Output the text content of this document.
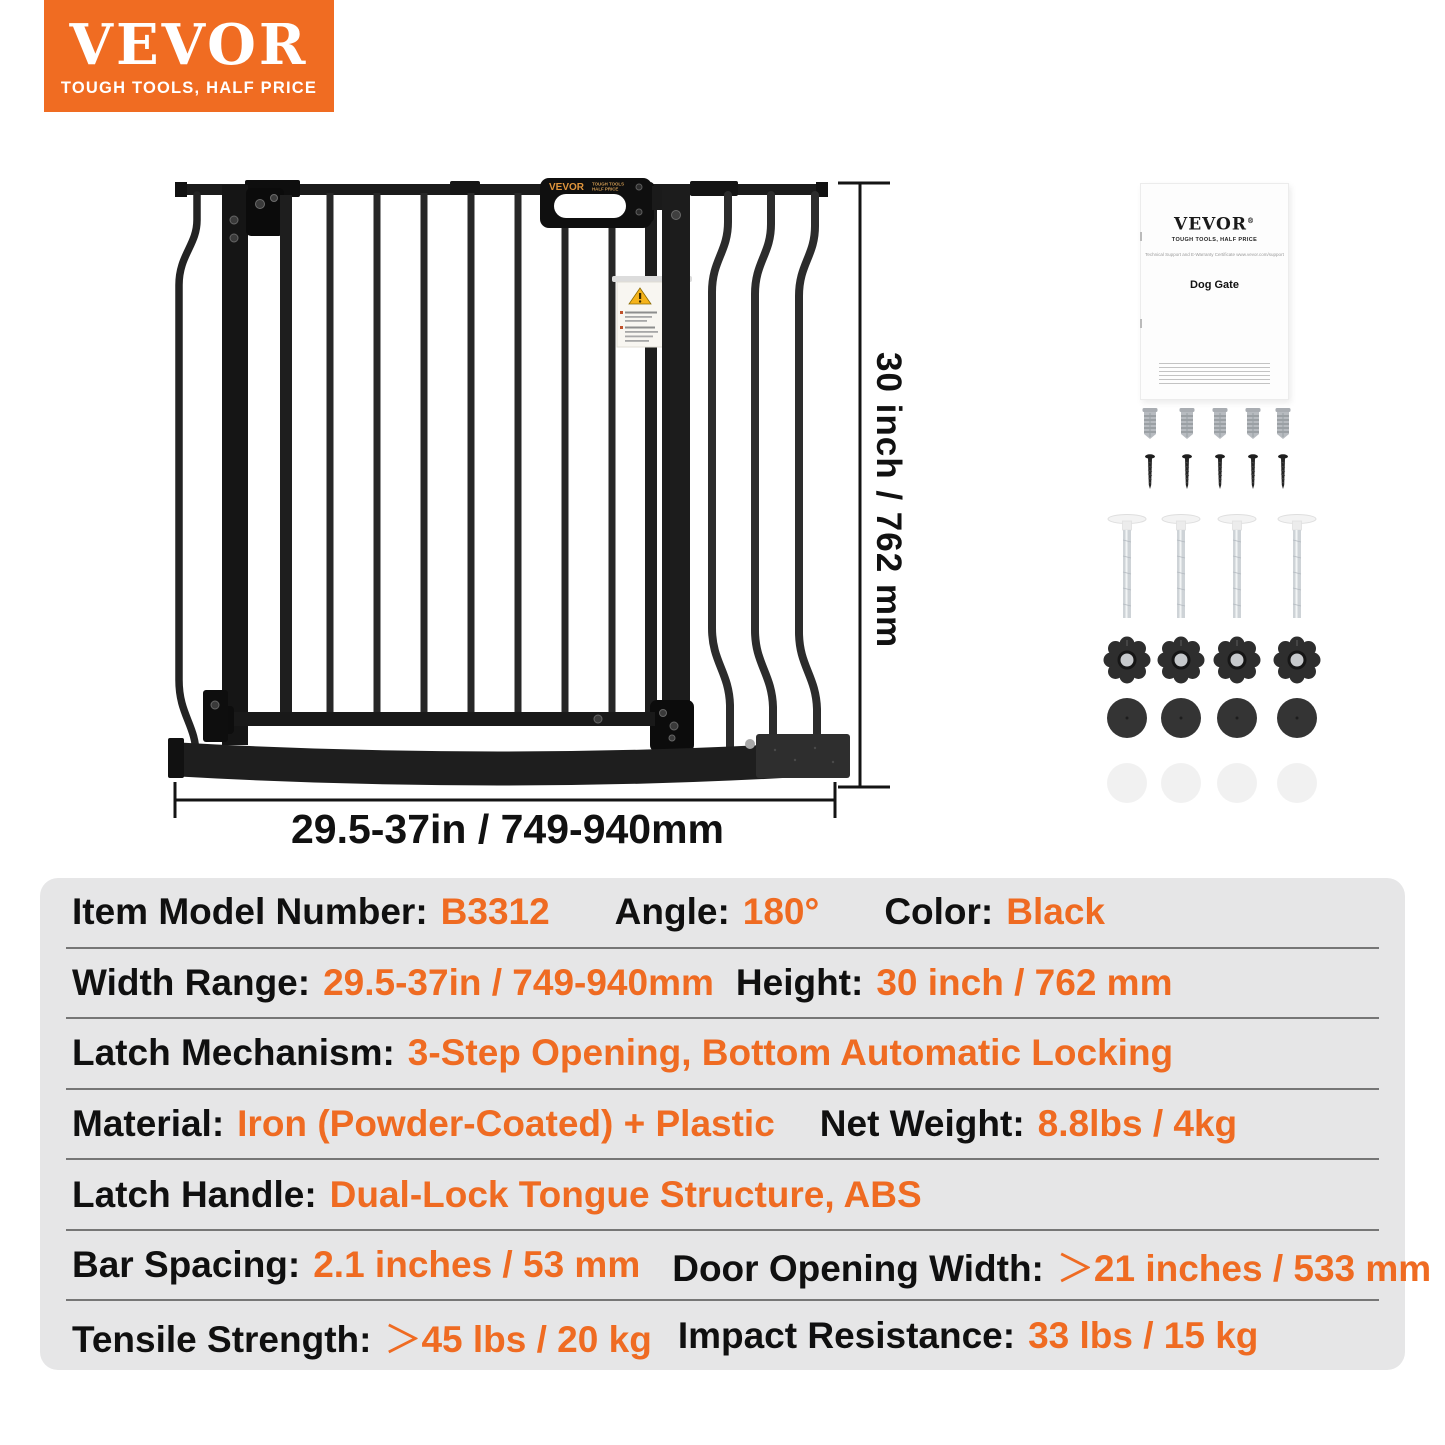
VEVOR
TOUGH TOOLS, HALF PRICE
VEVOR TOUGH TOOLS
HALF PRICE
30 inch / 762 mm
29.5-37in / 749-940mm
VEVOR®
TOUGH TOOLS, HALF PRICE
Technical Support and E-Warranty Certificate www.vevor.com/support
Dog Gate
Item Model Number: B3312 Angle: 180° Color: Black
Width Range: 29.5-37in / 749-940mm Height: 30 inch / 762 mm
Latch Mechanism: 3-Step Opening, Bottom Automatic Locking
Material: Iron (Powder-Coated) + Plastic Net Weight: 8.8lbs / 4kg
Latch Handle: Dual-Lock Tongue Structure, ABS
Bar Spacing: 2.1 inches / 53 mm Door Opening Width: ＞21 inches / 533 mm
Tensile Strength: ＞45 lbs / 20 kg Impact Resistance: 33 lbs / 15 kg
